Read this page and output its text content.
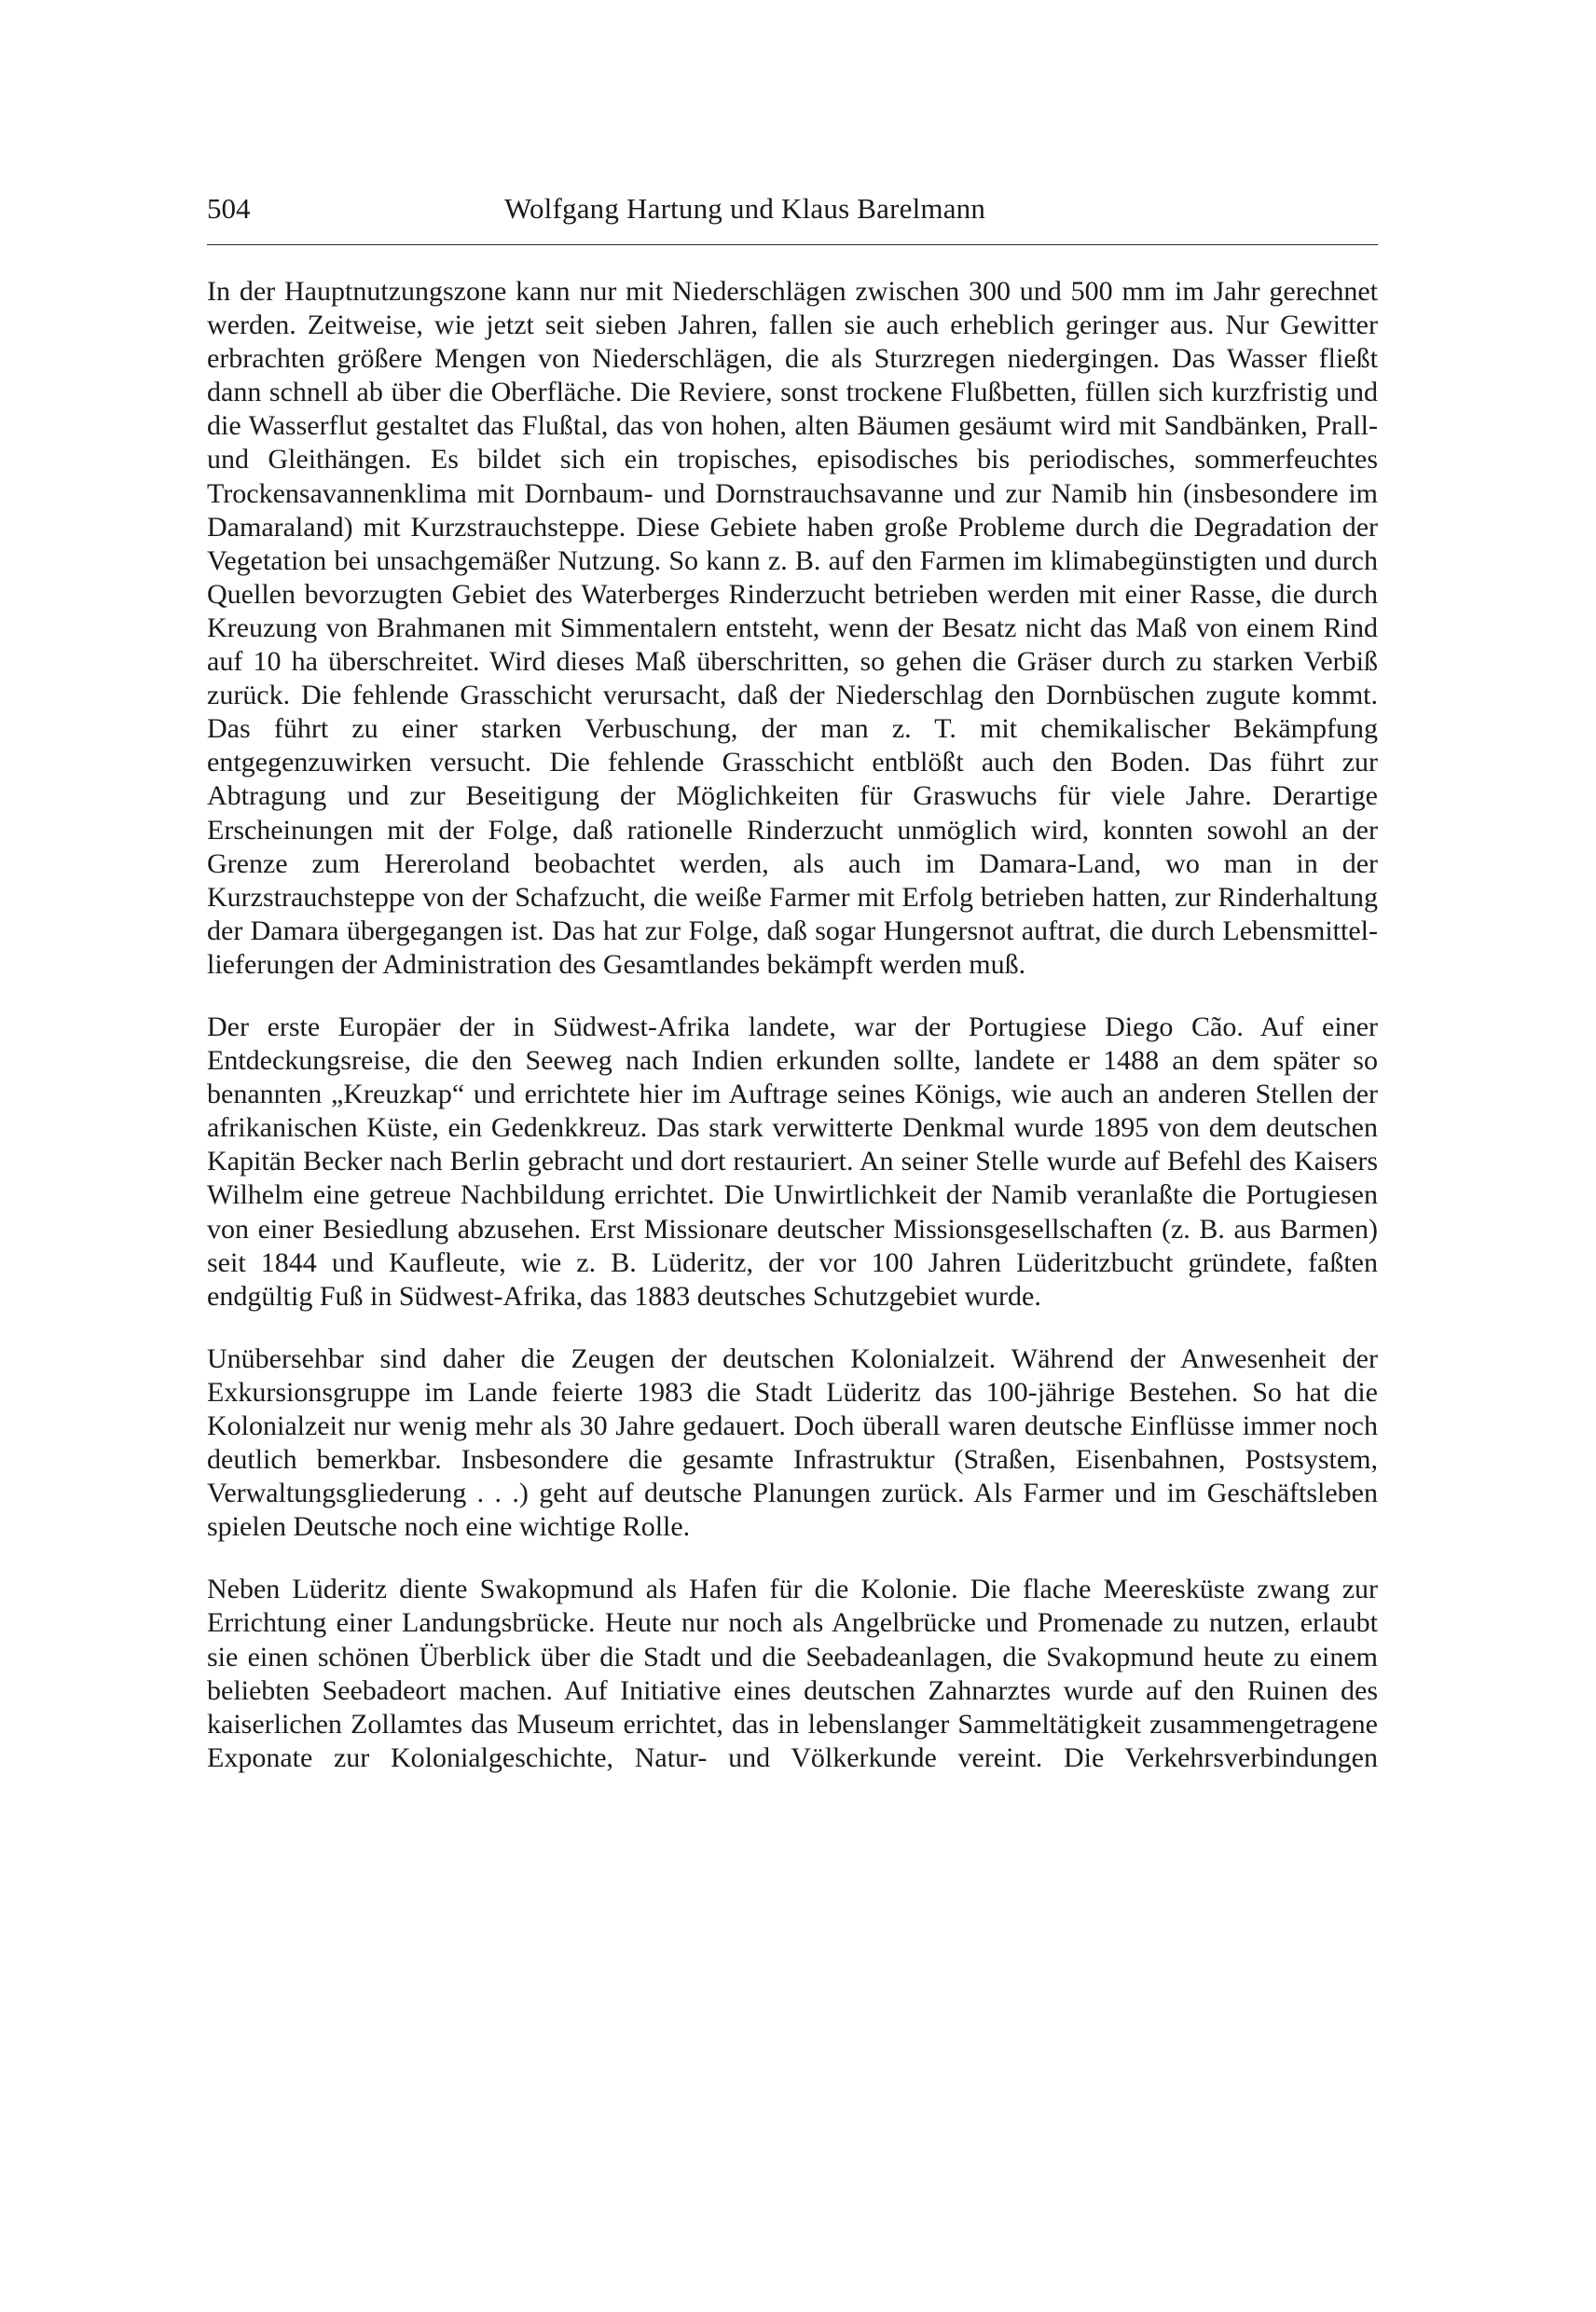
504	Wolfgang Hartung und Klaus Barelmann

In der Hauptnutzungszone kann nur mit Niederschlägen zwischen 300 und 500 mm im Jahr gerechnet werden. Zeitweise, wie jetzt seit sieben Jahren, fallen sie auch erheblich geringer aus. Nur Gewitter erbrachten größere Mengen von Niederschlägen, die als Sturzregen niedergingen. Das Wasser fließt dann schnell ab über die Oberfläche. Die Reviere, sonst trockene Flußbetten, füllen sich kurzfristig und die Wasserflut gestaltet das Flußtal, das von hohen, alten Bäumen gesäumt wird mit Sandbänken, Prall- und Gleithängen. Es bildet sich ein tropisches, episodisches bis periodisches, sommerfeuchtes Trockensavannenklima mit Dornbaum- und Dornstrauchsavanne und zur Namib hin (insbesondere im Damaraland) mit Kurzstrauchsteppe. Diese Gebiete haben große Probleme durch die Degradation der Vegetation bei unsachgemäßer Nutzung. So kann z. B. auf den Farmen im klimabegünstigten und durch Quellen bevorzugten Gebiet des Waterberges Rinderzucht betrieben werden mit einer Rasse, die durch Kreuzung von Brahmanen mit Simmentalern entsteht, wenn der Besatz nicht das Maß von einem Rind auf 10 ha überschreitet. Wird dieses Maß überschritten, so gehen die Gräser durch zu starken Verbiß zurück. Die fehlende Grasschicht verursacht, daß der Niederschlag den Dornbüschen zugute kommt. Das führt zu einer starken Verbuschung, der man z. T. mit chemikalischer Bekämpfung entgegenzuwirken versucht. Die fehlende Grasschicht entblößt auch den Boden. Das führt zur Abtragung und zur Beseitigung der Möglichkeiten für Graswuchs für viele Jahre. Derartige Erscheinungen mit der Folge, daß rationelle Rinderzucht unmöglich wird, konnten sowohl an der Grenze zum Hereroland beobachtet werden, als auch im Damara-Land, wo man in der Kurzstrauchsteppe von der Schafzucht, die weiße Farmer mit Erfolg betrieben hatten, zur Rinderhaltung der Damara übergegangen ist. Das hat zur Folge, daß sogar Hungersnot auftrat, die durch Lebensmittellieferungen der Administration des Gesamtlandes bekämpft werden muß.

Der erste Europäer der in Südwest-Afrika landete, war der Portugiese Diego Cão. Auf einer Entdeckungsreise, die den Seeweg nach Indien erkunden sollte, landete er 1488 an dem später so benannten „Kreuzkap“ und errichtete hier im Auftrage seines Königs, wie auch an anderen Stellen der afrikanischen Küste, ein Gedenkkreuz. Das stark verwitterte Denkmal wurde 1895 von dem deutschen Kapitän Becker nach Berlin gebracht und dort restauriert. An seiner Stelle wurde auf Befehl des Kaisers Wilhelm eine getreue Nachbildung errichtet. Die Unwirtlichkeit der Namib veranlaßte die Portugiesen von einer Besiedlung abzusehen. Erst Missionare deutscher Missionsgesellschaften (z. B. aus Barmen) seit 1844 und Kaufleute, wie z. B. Lüderitz, der vor 100 Jahren Lüderitzbucht gründete, faßten endgültig Fuß in Südwest-Afrika, das 1883 deutsches Schutzgebiet wurde.

Unübersehbar sind daher die Zeugen der deutschen Kolonialzeit. Während der Anwesenheit der Exkursionsgruppe im Lande feierte 1983 die Stadt Lüderitz das 100-jährige Bestehen. So hat die Kolonialzeit nur wenig mehr als 30 Jahre gedauert. Doch überall waren deutsche Einflüsse immer noch deutlich bemerkbar. Insbesondere die gesamte Infrastruktur (Straßen, Eisenbahnen, Postsystem, Verwaltungsgliederung . . .) geht auf deutsche Planungen zurück. Als Farmer und im Geschäftsleben spielen Deutsche noch eine wichtige Rolle.

Neben Lüderitz diente Swakopmund als Hafen für die Kolonie. Die flache Meeresküste zwang zur Errichtung einer Landungsbrücke. Heute nur noch als Angelbrücke und Promenade zu nutzen, erlaubt sie einen schönen Überblick über die Stadt und die Seebadeanlagen, die Svakopmund heute zu einem beliebten Seebadeort machen. Auf Initiative eines deutschen Zahnarztes wurde auf den Ruinen des kaiserlichen Zollamtes das Museum errichtet, das in lebenslanger Sammeltätigkeit zusammengetragene Exponate zur Kolonialgeschichte, Natur- und Völkerkunde vereint. Die Verkehrsverbindungen
